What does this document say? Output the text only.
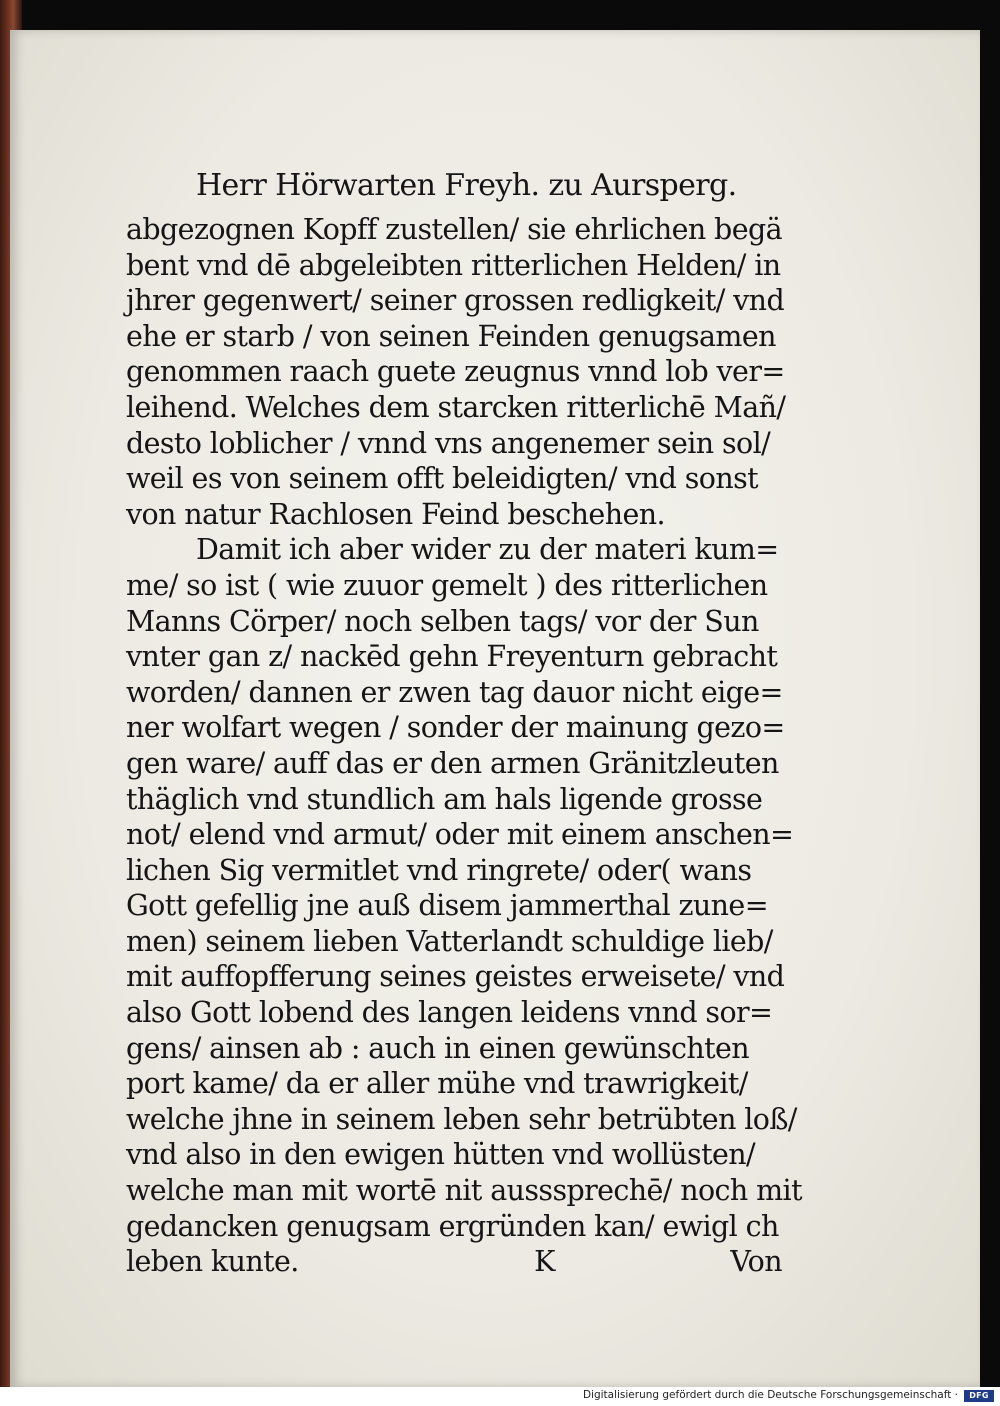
Herr Hörwarten Freyh. zu Aursperg.
abgezognen Kopff zustellen/ sie ehrlichen begä
bent vnd dē abgeleibten ritterlichen Helden/ in
jhrer gegenwert/ seiner grossen redligkeit/ vnd
ehe er starb / von seinen Feinden genugsamen
genommen raach guete zeugnus vnnd lob ver=
leihend. Welches dem starcken ritterlichē Mañ/
desto loblicher / vnnd vns angenemer sein sol/
weil es von seinem offt beleidigten/ vnd sonst
von natur Rachlosen Feind beschehen.
Damit ich aber wider zu der materi kum=
me/ so ist ( wie zuuor gemelt ) des ritterlichen
Manns Cörper/ noch selben tags/ vor der Sun
vnter gan z/ nackēd gehn Freyenturn gebracht
worden/ dannen er zwen tag dauor nicht eige=
ner wolfart wegen / sonder der mainung gezo=
gen ware/ auff das er den armen Gränitzleuten
thäglich vnd stundlich am hals ligende grosse
not/ elend vnd armut/ oder mit einem anschen=
lichen Sig vermitlet vnd ringrete/ oder( wans
Gott gefellig jne auß disem jammerthal zune=
men) seinem lieben Vatterlandt schuldige lieb/
mit auffopfferung seines geistes erweisete/ vnd
also Gott lobend des langen leidens vnnd sor=
gens/ ainsen ab : auch in einen gewünschten
port kame/ da er aller mühe vnd trawrigkeit/
welche jhne in seinem leben sehr betrübten loß/
vnd also in den ewigen hütten vnd wollüsten/
welche man mit wortē nit ausssprechē/ noch mit
gedancken genugsam ergründen kan/ ewigl ch
leben kunte.	K	Von
Digitalisierung gefördert durch die Deutsche Forschungsgemeinschaft ·	DFG
